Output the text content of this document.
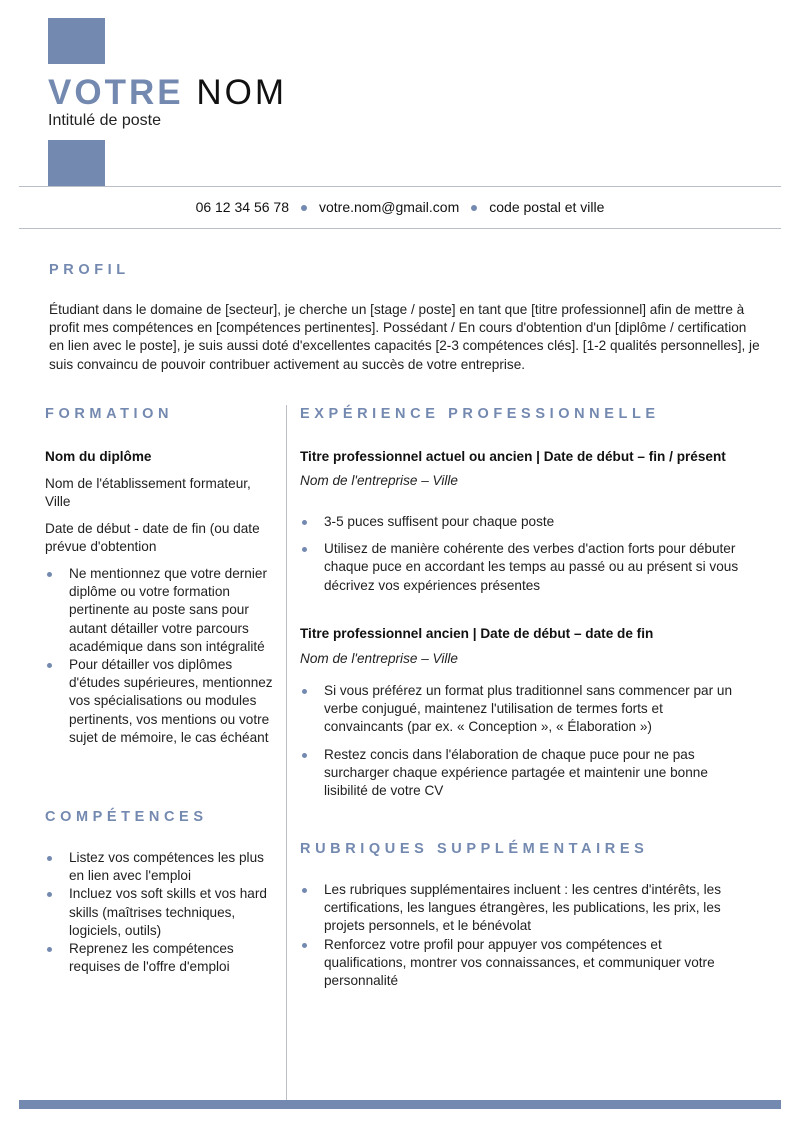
VOTRE NOM
Intitulé de poste
06 12 34 56 78 votre.nom@gmail.com code postal et ville
PROFIL
Étudiant dans le domaine de [secteur], je cherche un [stage / poste] en tant que [titre professionnel] afin de mettre à profit mes compétences en [compétences pertinentes]. Possédant / En cours d'obtention d'un [diplôme / certification en lien avec le poste], je suis aussi doté d'excellentes capacités [2-3 compétences clés]. [1-2 qualités personnelles], je suis convaincu de pouvoir contribuer activement au succès de votre entreprise.
FORMATION
Nom du diplôme
Nom de l'établissement formateur, Ville
Date de début - date de fin (ou date prévue d'obtention
Ne mentionnez que votre dernier diplôme ou votre formation pertinente au poste sans pour autant détailler votre parcours académique dans son intégralité
Pour détailler vos diplômes d'études supérieures, mentionnez vos spécialisations ou modules pertinents, vos mentions ou votre sujet de mémoire, le cas échéant
COMPÉTENCES
Listez vos compétences les plus en lien avec l'emploi
Incluez vos soft skills et vos hard skills (maîtrises techniques, logiciels, outils)
Reprenez les compétences requises de l'offre d'emploi
EXPÉRIENCE PROFESSIONNELLE
Titre professionnel actuel ou ancien | Date de début – fin / présent
Nom de l'entreprise – Ville
3-5 puces suffisent pour chaque poste
Utilisez de manière cohérente des verbes d'action forts pour débuter chaque puce en accordant les temps au passé ou au présent si vous décrivez vos expériences présentes
Titre professionnel ancien | Date de début – date de fin
Nom de l'entreprise – Ville
Si vous préférez un format plus traditionnel sans commencer par un verbe conjugué, maintenez l'utilisation de termes forts et convaincants (par ex. « Conception », « Élaboration »)
Restez concis dans l'élaboration de chaque puce pour ne pas surcharger chaque expérience partagée et maintenir une bonne lisibilité de votre CV
RUBRIQUES SUPPLÉMENTAIRES
Les rubriques supplémentaires incluent : les centres d'intérêts, les certifications, les langues étrangères, les publications, les prix, les projets personnels, et le bénévolat
Renforcez votre profil pour appuyer vos compétences et qualifications, montrer vos connaissances, et communiquer votre personnalité
